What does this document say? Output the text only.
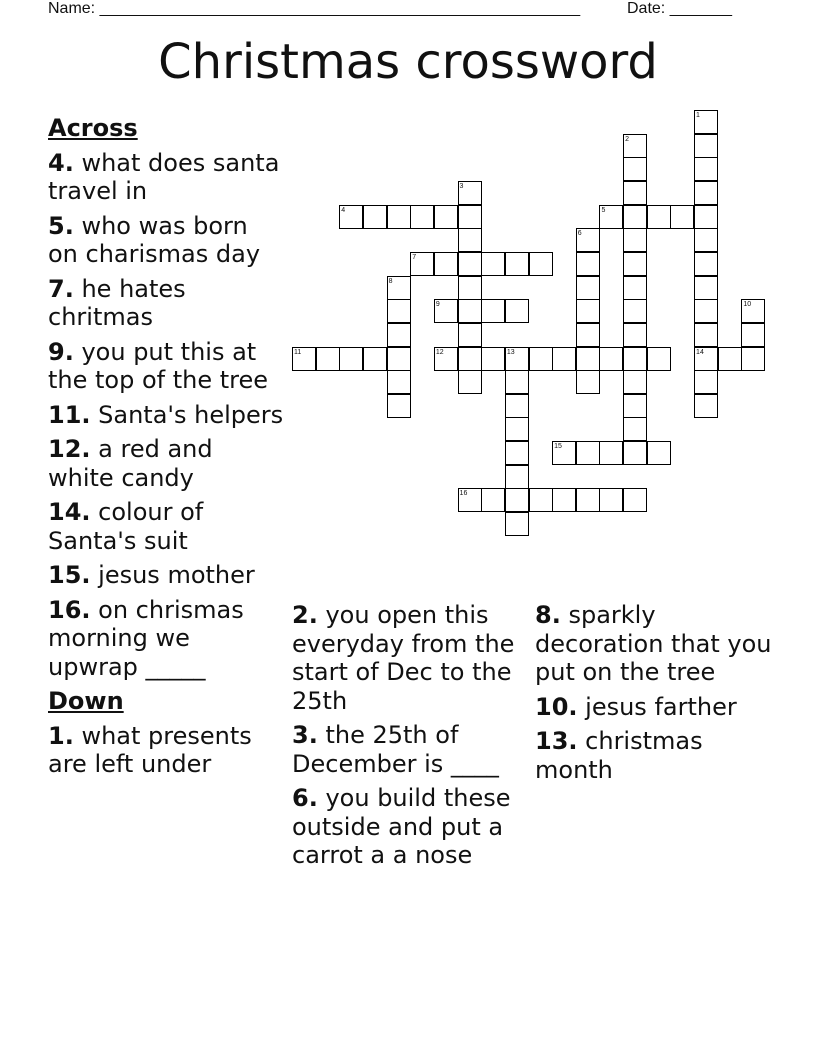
Name: ______________________________________________________	Date: _______
Christmas crossword
1
14
2
3
4	5
6
7
8
9	10
11	12	13
15
16
Across
4. what does santa travel in
5. who was born on charismas day
7. he hates chritmas
9. you put this at the top of the tree
11. Santa's helpers
12. a red and white candy
14. colour of Santa's suit
15. jesus mother
16. on chrismas morning we upwrap _____
Down
1. what presents are left under
2. you open this everyday from the start of Dec to the 25th
3. the 25th of December is ____
6. you build these outside and put a carrot a a nose
8. sparkly decoration that you put on the tree
10. jesus farther
13. christmas month
